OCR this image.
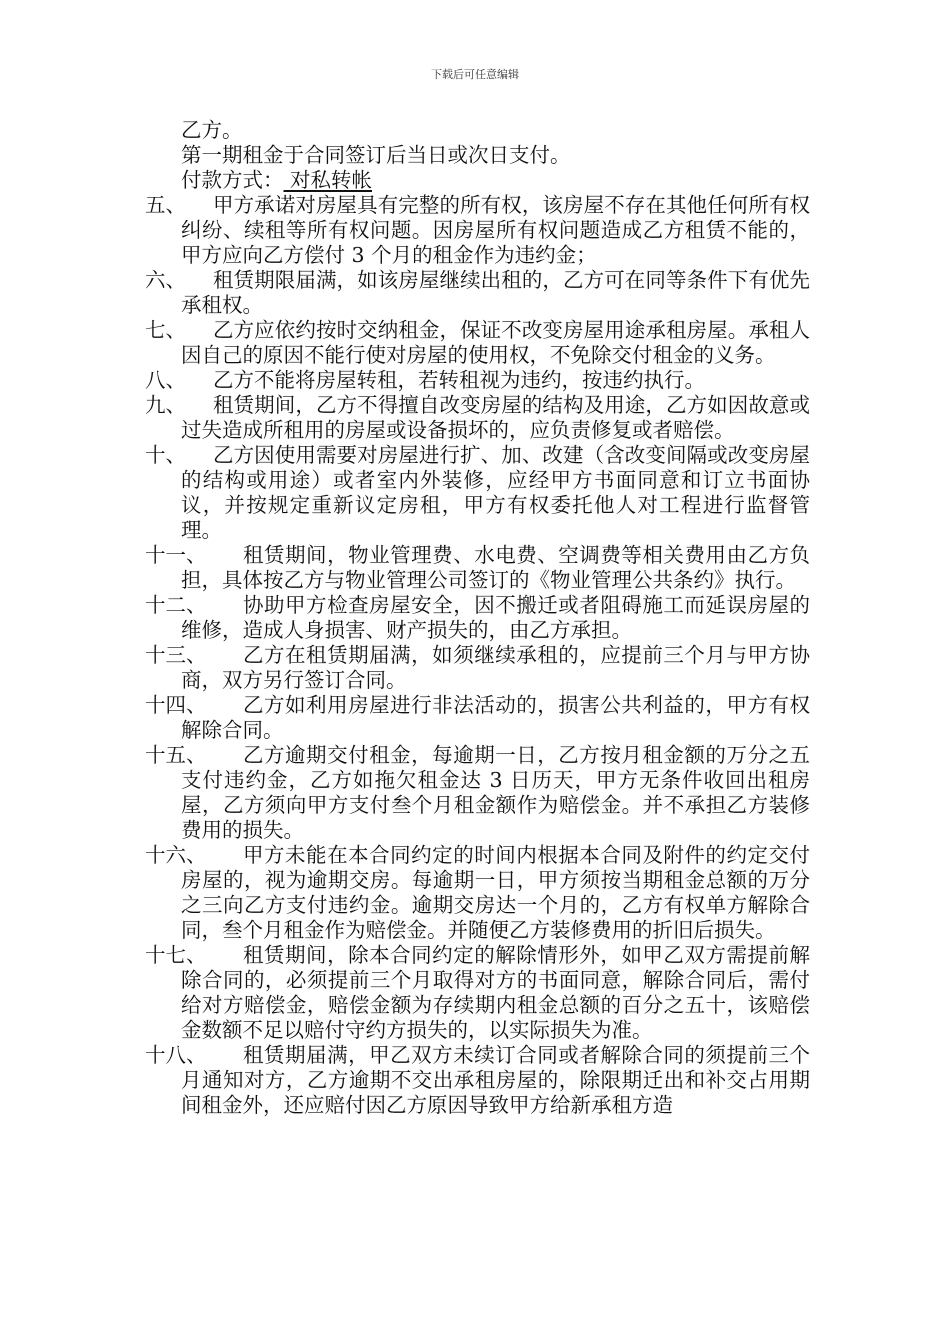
下载后可任意编辑
乙方。
第一期租金于合同签订后当日或次日支付。
付款方式： 对私转帐
五、	甲方承诺对房屋具有完整的所有权，该房屋不存在其他任何所有权纠纷、续租等所有权问题。因房屋所有权问题造成乙方租赁不能的，甲方应向乙方偿付 3 个月的租金作为违约金；
六、	租赁期限届满，如该房屋继续出租的，乙方可在同等条件下有优先承租权。
七、	乙方应依约按时交纳租金，保证不改变房屋用途承租房屋。承租人因自己的原因不能行使对房屋的使用权，不免除交付租金的义务。
八、	乙方不能将房屋转租，若转租视为违约，按违约执行。
九、	租赁期间，乙方不得擅自改变房屋的结构及用途，乙方如因故意或过失造成所租用的房屋或设备损坏的，应负责修复或者赔偿。
十、	乙方因使用需要对房屋进行扩、加、改建（含改变间隔或改变房屋的结构或用途）或者室内外装修，应经甲方书面同意和订立书面协议，并按规定重新议定房租，甲方有权委托他人对工程进行监督管理。
十一、	租赁期间，物业管理费、水电费、空调费等相关费用由乙方负担，具体按乙方与物业管理公司签订的《物业管理公共条约》执行。
十二、	协助甲方检查房屋安全，因不搬迁或者阻碍施工而延误房屋的维修，造成人身损害、财产损失的，由乙方承担。
十三、	乙方在租赁期届满，如须继续承租的，应提前三个月与甲方协商，双方另行签订合同。
十四、	乙方如利用房屋进行非法活动的，损害公共利益的，甲方有权解除合同。
十五、	乙方逾期交付租金，每逾期一日，乙方按月租金额的万分之五支付违约金，乙方如拖欠租金达 3 日历天，甲方无条件收回出租房屋，乙方须向甲方支付叁个月租金额作为赔偿金。并不承担乙方装修费用的损失。
十六、	甲方未能在本合同约定的时间内根据本合同及附件的约定交付房屋的，视为逾期交房。每逾期一日，甲方须按当期租金总额的万分之三向乙方支付违约金。逾期交房达一个月的，乙方有权单方解除合同，叁个月租金作为赔偿金。并随便乙方装修费用的折旧后损失。
十七、	租赁期间，除本合同约定的解除情形外，如甲乙双方需提前解除合同的，必须提前三个月取得对方的书面同意，解除合同后，需付给对方赔偿金，赔偿金额为存续期内租金总额的百分之五十，该赔偿金数额不足以赔付守约方损失的，以实际损失为准。
十八、	租赁期届满，甲乙双方未续订合同或者解除合同的须提前三个月通知对方，乙方逾期不交出承租房屋的，除限期迁出和补交占用期间租金外，还应赔付因乙方原因导致甲方给新承租方造
